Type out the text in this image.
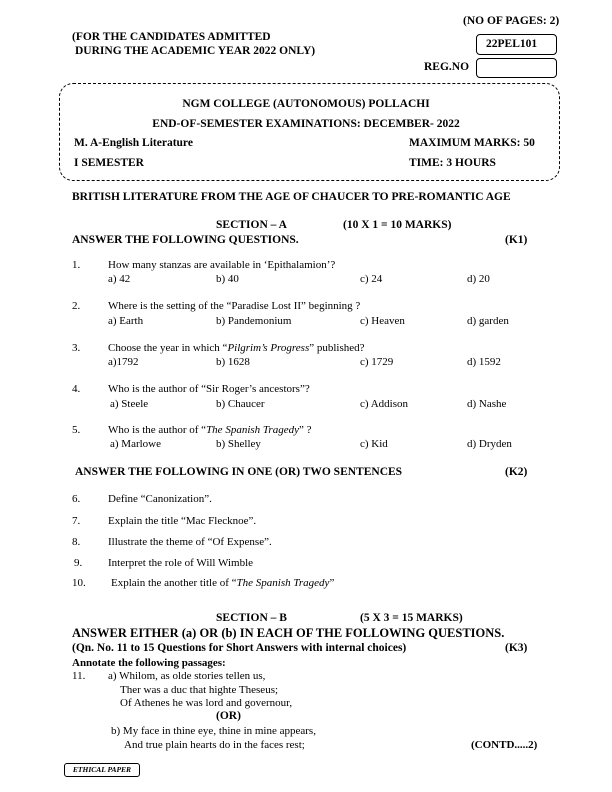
(NO OF PAGES: 2)
(FOR THE CANDIDATES ADMITTED
DURING THE ACADEMIC YEAR 2022 ONLY)
22PEL101
REG.NO
NGM COLLEGE (AUTONOMOUS) POLLACHI
END-OF-SEMESTER EXAMINATIONS: DECEMBER- 2022
M. A-English Literature	MAXIMUM MARKS: 50
I SEMESTER	TIME: 3 HOURS
BRITISH LITERATURE FROM THE AGE OF CHAUCER TO PRE-ROMANTIC AGE
SECTION – A	(10 X 1 = 10 MARKS)
ANSWER THE FOLLOWING QUESTIONS.	(K1)
1.	How many stanzas are available in ‘Epithalamion’?
a) 42	b) 40	c) 24	d) 20
2.	Where is the setting of the “Paradise Lost II” beginning ?
a) Earth	b) Pandemonium	c) Heaven	d) garden
3.	Choose the year in which “Pilgrim’s Progress” published?
a)1792	b) 1628	c) 1729	d) 1592
4.	Who is the author of “Sir Roger’s ancestors”?
a) Steele	b) Chaucer	c) Addison	d) Nashe
5.	Who is the author of “The Spanish Tragedy” ?
a) Marlowe	b) Shelley	c) Kid	d) Dryden
ANSWER THE FOLLOWING IN ONE (OR) TWO SENTENCES	(K2)
6.	Define “Canonization”.
7.	Explain the title “Mac Flecknoe”.
8.	Illustrate the theme of “Of Expense”.
9. Interpret the role of Will Wimble
10. Explain the another title of “The Spanish Tragedy”
SECTION – B	(5 X 3 = 15 MARKS)
ANSWER EITHER (a) OR (b) IN EACH OF THE FOLLOWING QUESTIONS.
(Qn. No. 11 to 15 Questions for Short Answers with internal choices)	(K3)
Annotate the following passages:
11. a) Whilom, as olde stories tellen us,
Ther was a duc that highte Theseus;
Of Athenes he was lord and governour,
(OR)
b) My face in thine eye, thine in mine appears,
And true plain hearts do in the faces rest;	(CONTD.....2)
ETHICAL PAPER
